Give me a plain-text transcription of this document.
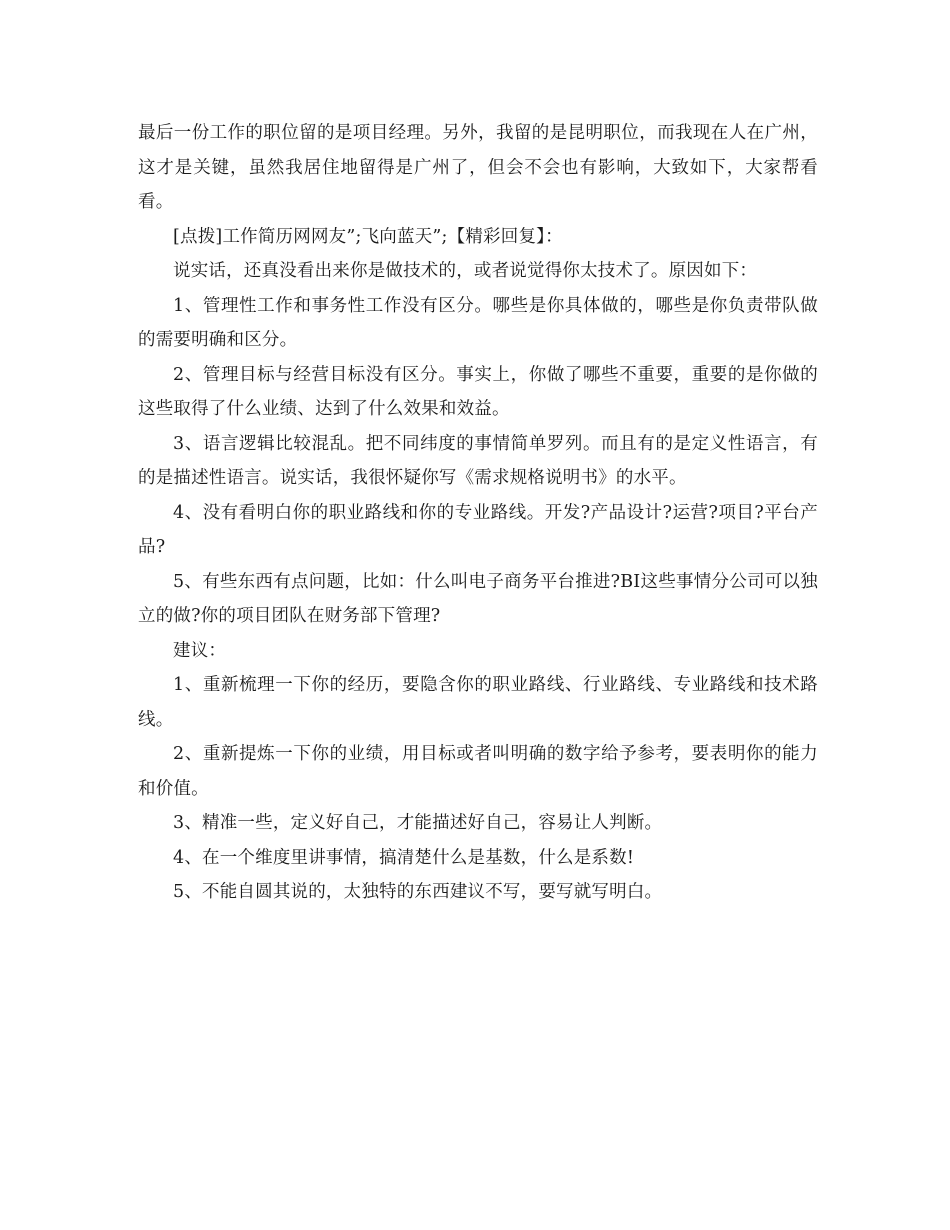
最后一份工作的职位留的是项目经理。另外，我留的是昆明职位，而我现在人在广州，这才是关键，虽然我居住地留得是广州了，但会不会也有影响，大致如下，大家帮看看。

[点拨]工作简历网网友”;飞向蓝天”;【精彩回复】：

说实话，还真没看出来你是做技术的，或者说觉得你太技术了。原因如下：

1、管理性工作和事务性工作没有区分。哪些是你具体做的，哪些是你负责带队做的需要明确和区分。

2、管理目标与经营目标没有区分。事实上，你做了哪些不重要，重要的是你做的这些取得了什么业绩、达到了什么效果和效益。

3、语言逻辑比较混乱。把不同纬度的事情简单罗列。而且有的是定义性语言，有的是描述性语言。说实话，我很怀疑你写《需求规格说明书》的水平。

4、没有看明白你的职业路线和你的专业路线。开发?产品设计?运营?项目?平台产品?

5、有些东西有点问题，比如：什么叫电子商务平台推进?BI这些事情分公司可以独立的做?你的项目团队在财务部下管理?

建议：

1、重新梳理一下你的经历，要隐含你的职业路线、行业路线、专业路线和技术路线。

2、重新提炼一下你的业绩，用目标或者叫明确的数字给予参考，要表明你的能力和价值。

3、精准一些，定义好自己，才能描述好自己，容易让人判断。

4、在一个维度里讲事情，搞清楚什么是基数，什么是系数!

5、不能自圆其说的，太独特的东西建议不写，要写就写明白。
